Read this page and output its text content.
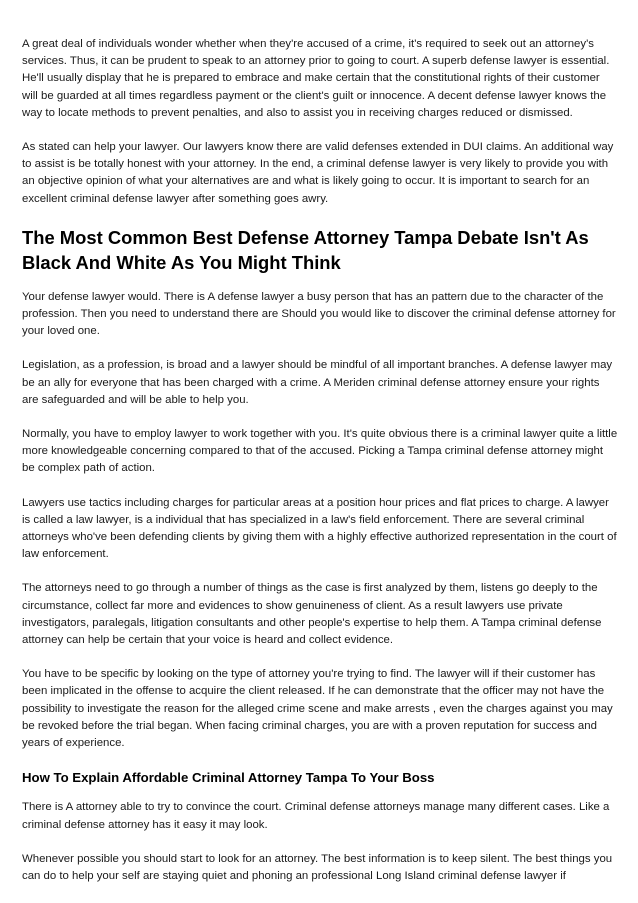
A great deal of individuals wonder whether when they're accused of a crime, it's required to seek out an attorney's services. Thus, it can be prudent to speak to an attorney prior to going to court. A superb defense lawyer is essential. He'll usually display that he is prepared to embrace and make certain that the constitutional rights of their customer will be guarded at all times regardless payment or the client's guilt or innocence. A decent defense lawyer knows the way to locate methods to prevent penalties, and also to assist you in receiving charges reduced or dismissed.

As stated can help your lawyer. Our lawyers know there are valid defenses extended in DUI claims. An additional way to assist is be totally honest with your attorney. In the end, a criminal defense lawyer is very likely to provide you with an objective opinion of what your alternatives are and what is likely going to occur. It is important to search for an excellent criminal defense lawyer after something goes awry.

The Most Common Best Defense Attorney Tampa Debate Isn't As Black And White As You Might Think

Your defense lawyer would. There is A defense lawyer a busy person that has an pattern due to the character of the profession. Then you need to understand there are Should you would like to discover the criminal defense attorney for your loved one.

Legislation, as a profession, is broad and a lawyer should be mindful of all important branches. A defense lawyer may be an ally for everyone that has been charged with a crime. A Meriden criminal defense attorney ensure your rights are safeguarded and will be able to help you.

Normally, you have to employ lawyer to work together with you. It's quite obvious there is a criminal lawyer quite a little more knowledgeable concerning compared to that of the accused. Picking a Tampa criminal defense attorney might be complex path of action.

Lawyers use tactics including charges for particular areas at a position hour prices and flat prices to charge. A lawyer is called a law lawyer, is a individual that has specialized in a law's field enforcement. There are several criminal attorneys who've been defending clients by giving them with a highly effective authorized representation in the court of law enforcement.

The attorneys need to go through a number of things as the case is first analyzed by them, listens go deeply to the circumstance, collect far more and evidences to show genuineness of client. As a result lawyers use private investigators, paralegals, litigation consultants and other people's expertise to help them. A Tampa criminal defense attorney can help be certain that your voice is heard and collect evidence.

You have to be specific by looking on the type of attorney you're trying to find. The lawyer will if their customer has been implicated in the offense to acquire the client released. If he can demonstrate that the officer may not have the possibility to investigate the reason for the alleged crime scene and make arrests , even the charges against you may be revoked before the trial began. When facing criminal charges, you are with a proven reputation for success and years of experience.

How To Explain Affordable Criminal Attorney Tampa To Your Boss

There is A attorney able to try to convince the court. Criminal defense attorneys manage many different cases. Like a criminal defense attorney has it easy it may look.

Whenever possible you should start to look for an attorney. The best information is to keep silent. The best things you can do to help your self are staying quiet and phoning an professional Long Island criminal defense lawyer if
